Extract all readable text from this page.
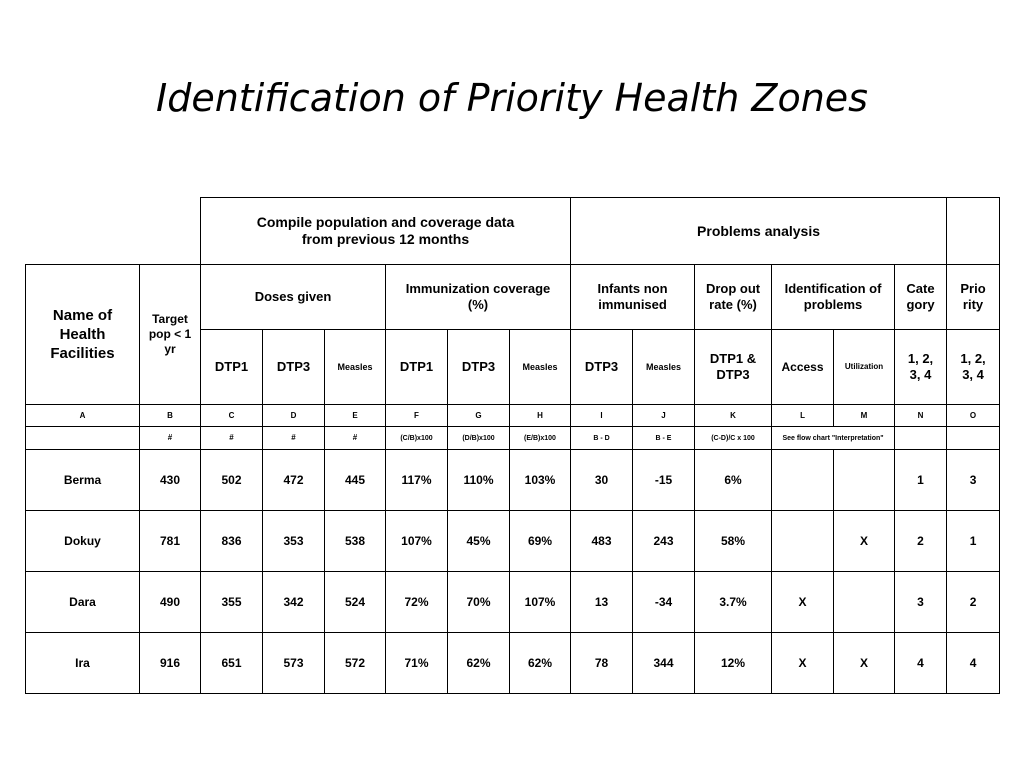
Identification of Priority Health Zones
		Compile population and coverage data from previous 12 months						Problems analysis						
Name of Health Facilities	Target pop < 1 yr	Doses given			Immunization coverage (%)			Infants non immunised		Drop out rate (%)	Identification of problems		Cate gory	Prio rity
		DTP1	DTP3	Measles	DTP1	DTP3	Measles	DTP3	Measles	DTP1 & DTP3	Access	Utilization	1, 2, 3, 4	1, 2, 3, 4
A	B	C	D	E	F	G	H	I	J	K	L	M	N	O
	#	#	#	#	(C/B)x100	(D/B)x100	(E/B)x100	B - D	B - E	(C-D)/C x 100	See flow chart "Interpretation"			
Berma	430	502	472	445	117%	110%	103%	30	-15	6%			1	3
Dokuy	781	836	353	538	107%	45%	69%	483	243	58%		X	2	1
Dara	490	355	342	524	72%	70%	107%	13	-34	3.7%	X		3	2
Ira	916	651	573	572	71%	62%	62%	78	344	12%	X	X	4	4
